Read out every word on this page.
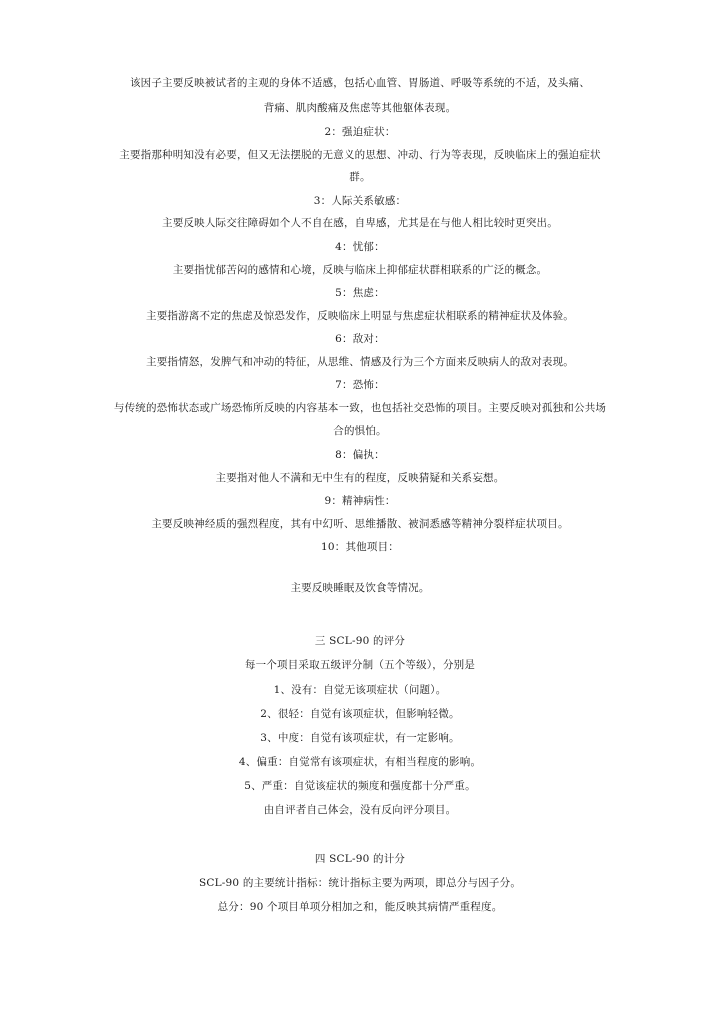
该因子主要反映被试者的主观的身体不适感，包括心血管、胃肠道、呼吸等系统的不适，及头痛、
背痛、肌肉酸痛及焦虑等其他躯体表现。
2：强迫症状：
主要指那种明知没有必要，但又无法摆脱的无意义的思想、冲动、行为等表现，反映临床上的强迫症状
群。
3：人际关系敏感：
主要反映人际交往障碍如个人不自在感，自卑感，尤其是在与他人相比较时更突出。
4：忧郁：
主要指忧郁苦闷的感情和心境，反映与临床上抑郁症状群相联系的广泛的概念。
5：焦虑：
主要指游离不定的焦虑及惊恐发作，反映临床上明显与焦虑症状相联系的精神症状及体验。
6：敌对：
主要指情怒，发脾气和冲动的特征，从思维、情感及行为三个方面来反映病人的敌对表现。
7：恐怖：
与传统的恐怖状态或广场恐怖所反映的内容基本一致，也包括社交恐怖的项目。主要反映对孤独和公共场
合的惧怕。
8：偏执：
主要指对他人不满和无中生有的程度，反映猜疑和关系妄想。
9：精神病性：
主要反映神经质的强烈程度，其有中幻听、思维播散、被洞悉感等精神分裂样症状项目。
10：其他项目：
主要反映睡眠及饮食等情况。
三 SCL-90 的评分
每一个项目采取五级评分制（五个等级），分别是
1、没有：自觉无该项症状（问题）。
2、很轻：自觉有该项症状，但影响轻微。
3、中度：自觉有该项症状，有一定影响。
4、偏重：自觉常有该项症状，有相当程度的影响。
5、严重：自觉该症状的频度和强度都十分严重。
由自评者自己体会，没有反向评分项目。
四 SCL-90 的计分
SCL-90 的主要统计指标：统计指标主要为两项，即总分与因子分。
总分：90 个项目单项分相加之和，能反映其病情严重程度。
